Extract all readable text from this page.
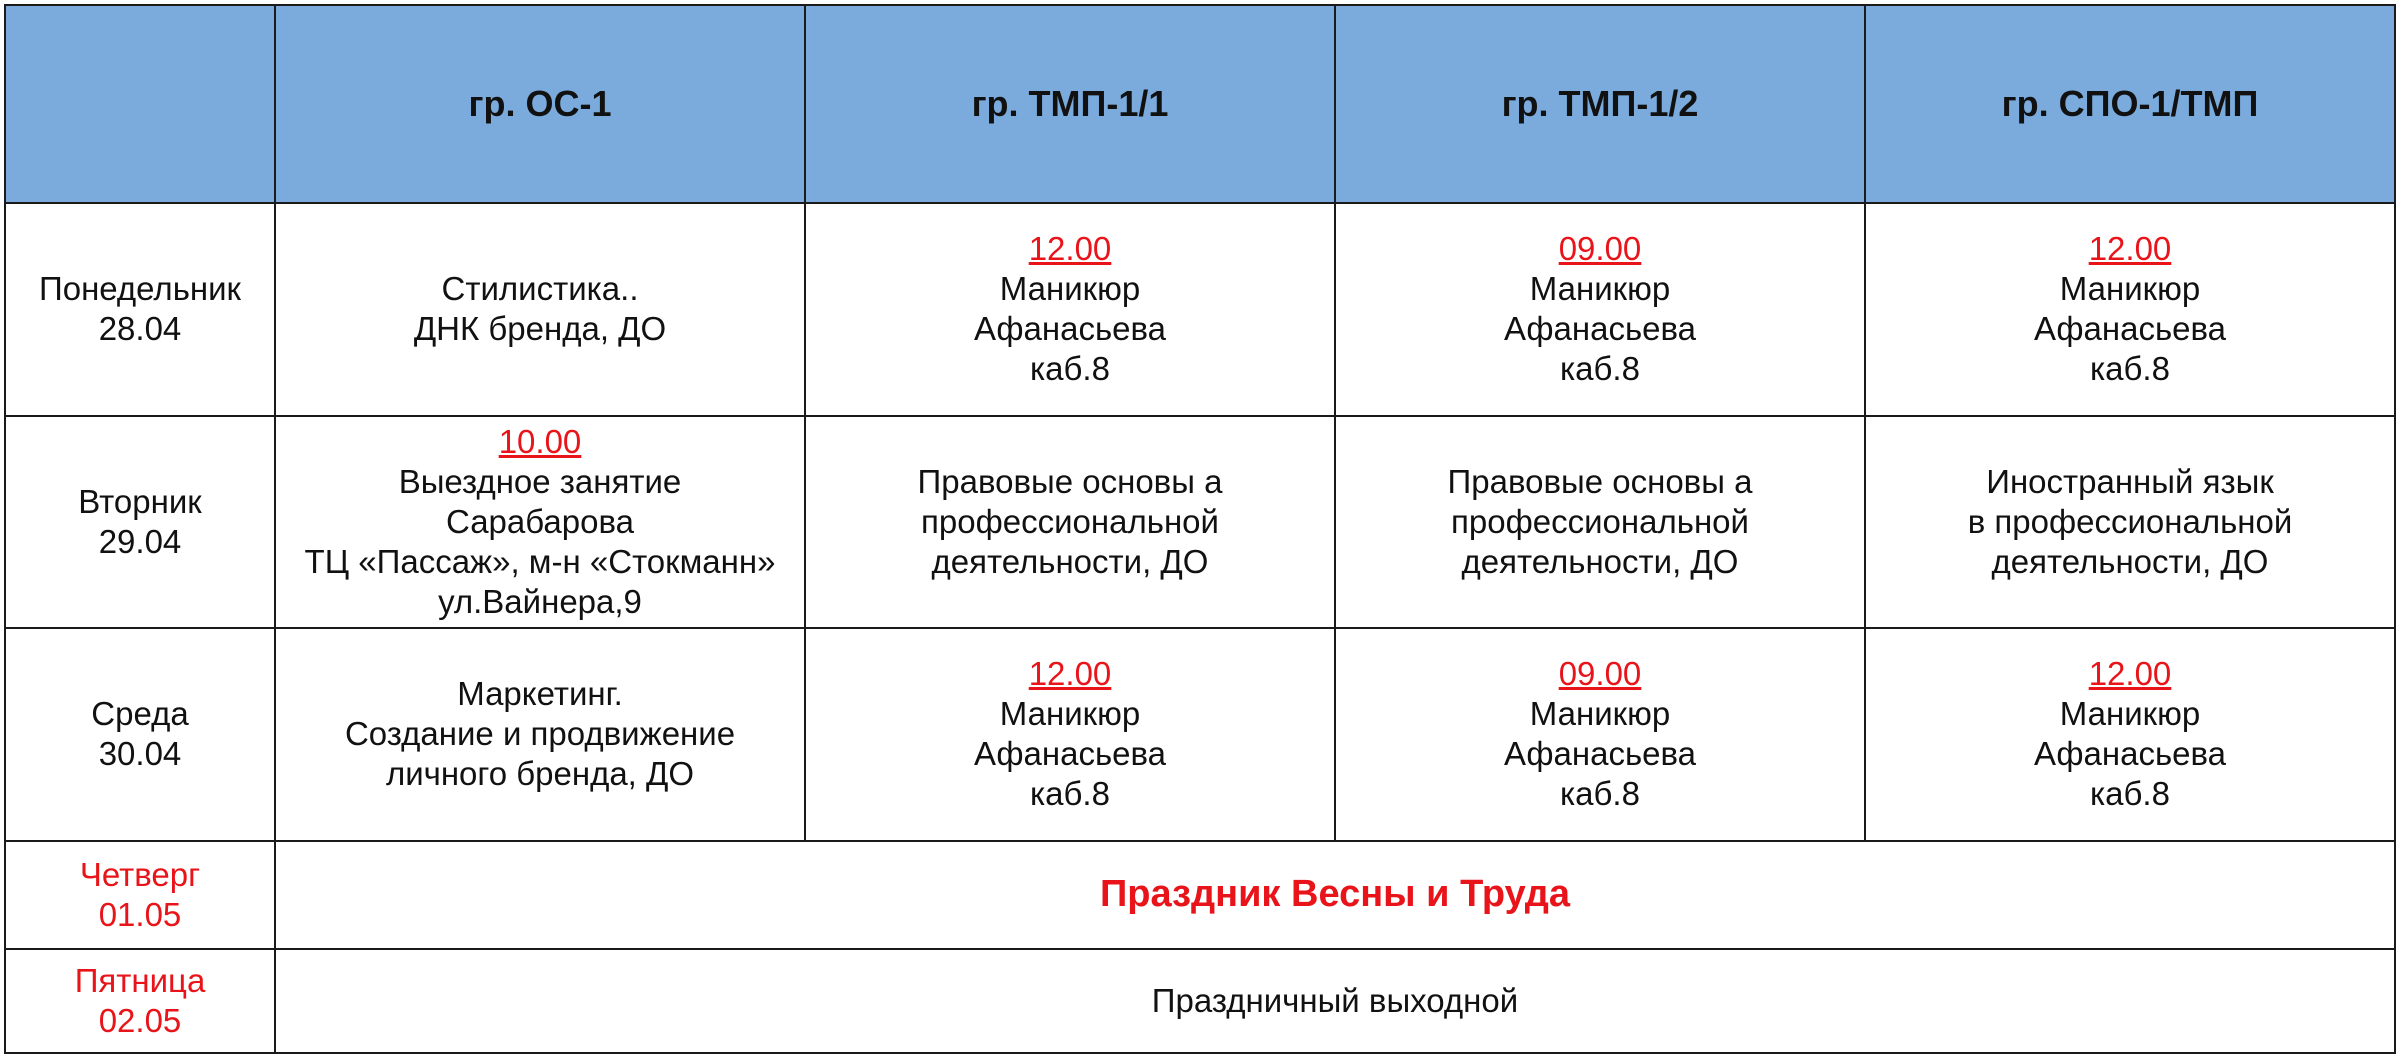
	гр. ОС-1	гр. ТМП-1/1	гр. ТМП-1/2	гр. СПО-1/ТМП

Понедельник
28.04	Стилистика..
ДНК бренда, ДО	12.00
Маникюр
Афанасьева
каб.8	09.00
Маникюр
Афанасьева
каб.8	12.00
Маникюр
Афанасьева
каб.8

Вторник
29.04	10.00
Выездное занятие
Сарабарова
ТЦ «Пассаж», м-н «Стокманн»
ул.Вайнера,9	Правовые основы а
профессиональной
деятельности, ДО	Правовые основы а
профессиональной
деятельности, ДО	Иностранный язык
в профессиональной
деятельности, ДО

Среда
30.04	Маркетинг.
Создание и продвижение
личного бренда, ДО	12.00
Маникюр
Афанасьева
каб.8	09.00
Маникюр
Афанасьева
каб.8	12.00
Маникюр
Афанасьева
каб.8

Четверг
01.05	Праздник Весны и Труда			

Пятница
02.05	Праздничный выходной			
